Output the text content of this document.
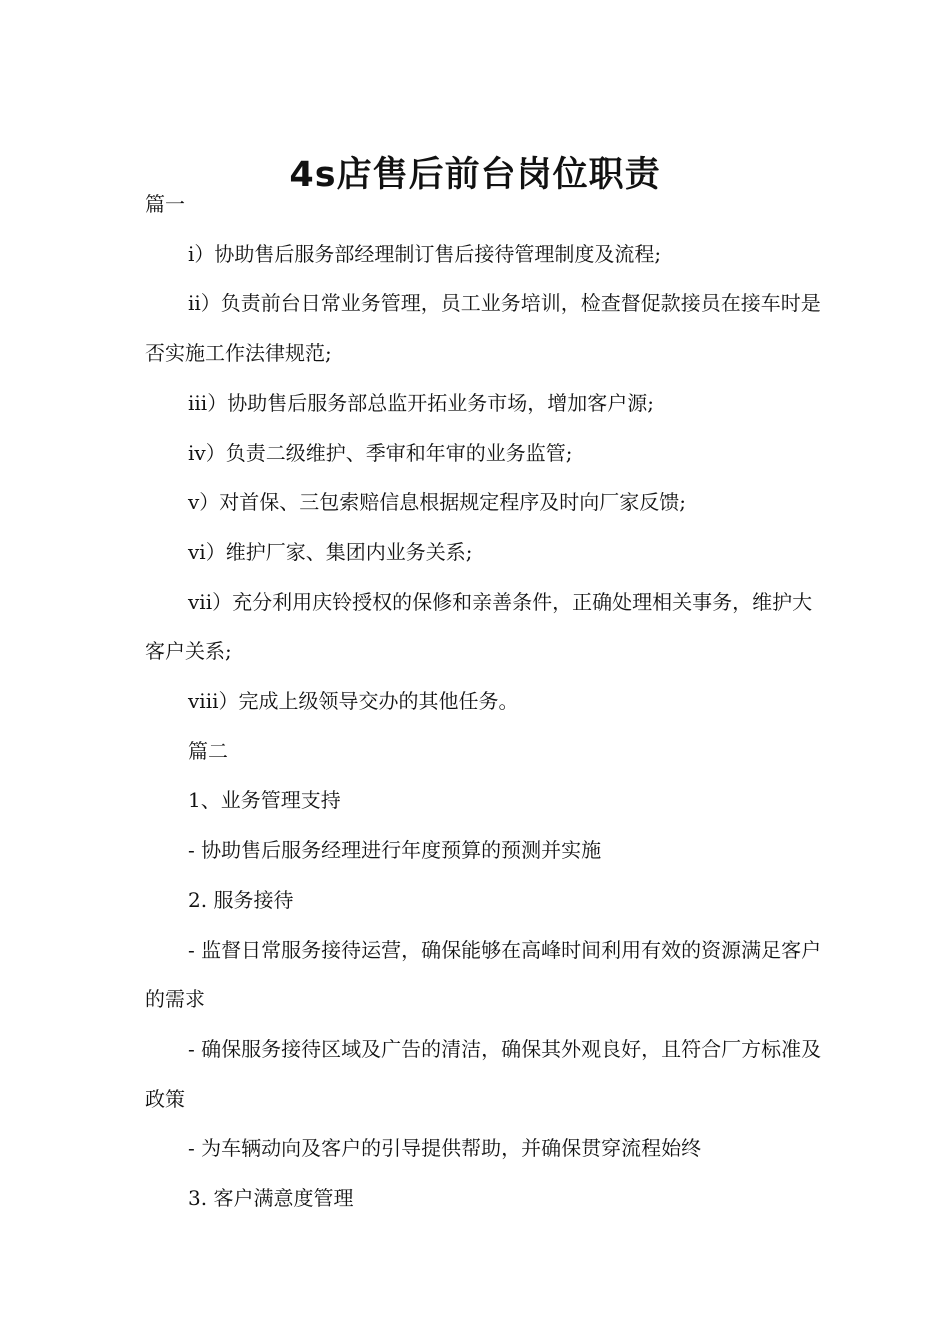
4s店售后前台岗位职责

篇一

i）协助售后服务部经理制订售后接待管理制度及流程;

ii）负责前台日常业务管理，员工业务培训，检查督促款接员在接车时是否实施工作法律规范;

iii）协助售后服务部总监开拓业务市场，增加客户源;

iv）负责二级维护、季审和年审的业务监管;

v）对首保、三包索赔信息根据规定程序及时向厂家反馈;

vi）维护厂家、集团内业务关系;

vii）充分利用庆铃授权的保修和亲善条件，正确处理相关事务，维护大客户关系;

viii）完成上级领导交办的其他任务。

篇二

1、业务管理支持

- 协助售后服务经理进行年度预算的预测并实施

2. 服务接待

- 监督日常服务接待运营，确保能够在高峰时间利用有效的资源满足客户的需求

- 确保服务接待区域及广告的清洁，确保其外观良好，且符合厂方标准及政策

- 为车辆动向及客户的引导提供帮助，并确保贯穿流程始终

3. 客户满意度管理
